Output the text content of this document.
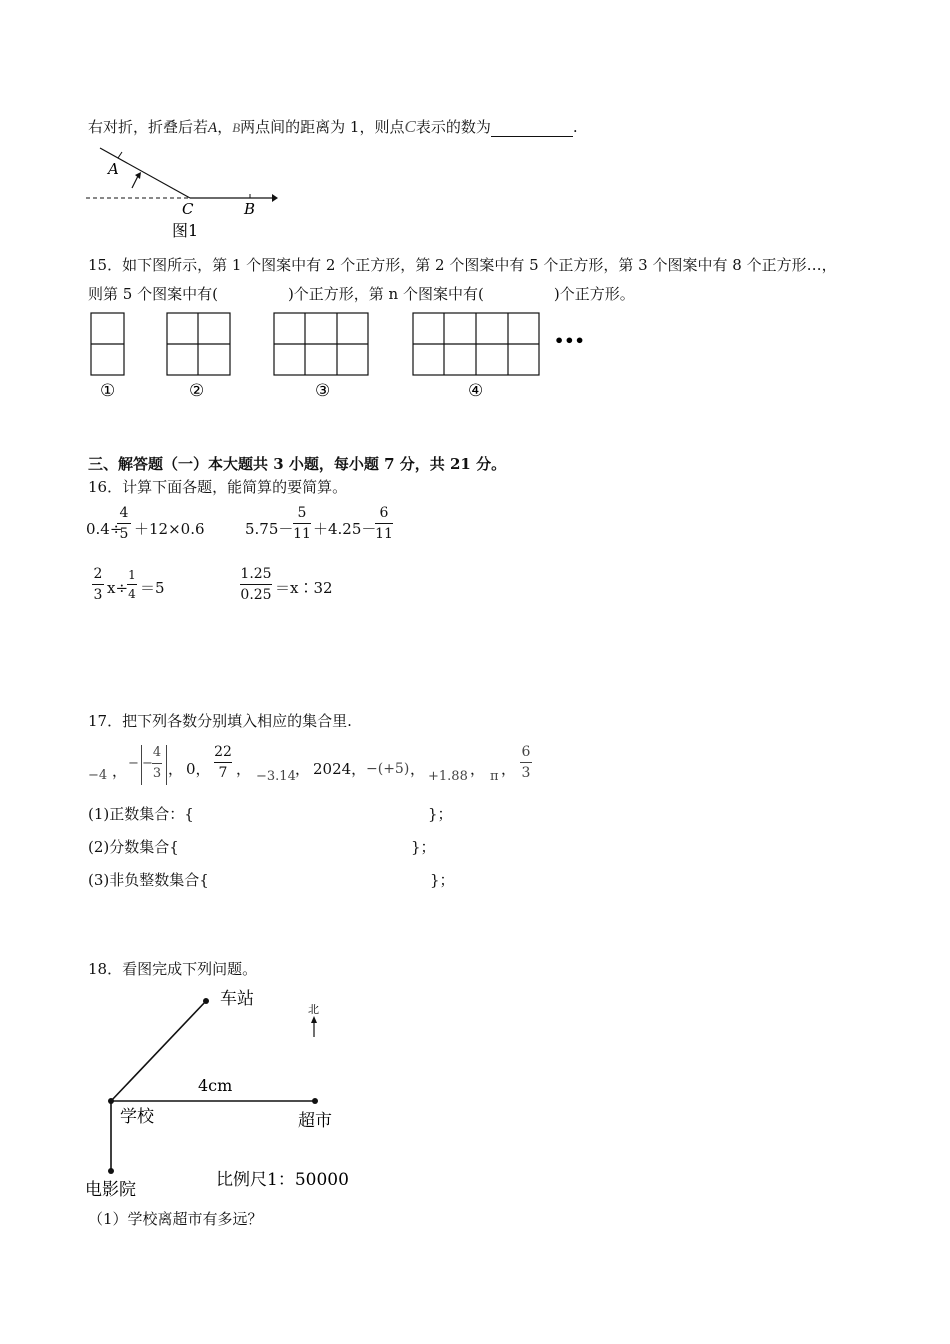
右对折，折叠后若A，B两点间的距离为 1，则点C表示的数为	.
A
C	B
图1
15．如下图所示，第 1 个图案中有 2 个正方形，第 2 个图案中有 5 个正方形，第 3 个图案中有 8 个正方形…，
则第 5 个图案中有(	)个正方形，第 n 个图案中有(	)个正方形。
•••
①	②	③	④
三、解答题（一）本大题共 3 小题，每小题 7 分，共 21 分。
16．计算下面各题，能简算的要简算。
0.4÷
4
5 ＋12×0.6	5.75－
5
11 ＋4.25－
6
11
2
3 x÷
1
4 ＝5
1.25
0.25 ＝x∶32
17．把下列各数分别填入相应的集合里.
−4 ， − −
4
3 ， 0，
22
7 ， −3.14 ， 2024， −(+5) ， +1.88 ， π ，
6
3
(1)正数集合：{	}；
(2)分数集合{	}；
(3)非负整数集合{	}；
18．看图完成下列问题。
北
车站
4cm
学校	超市
电影院	比例尺1：50000
（1）学校离超市有多远？
